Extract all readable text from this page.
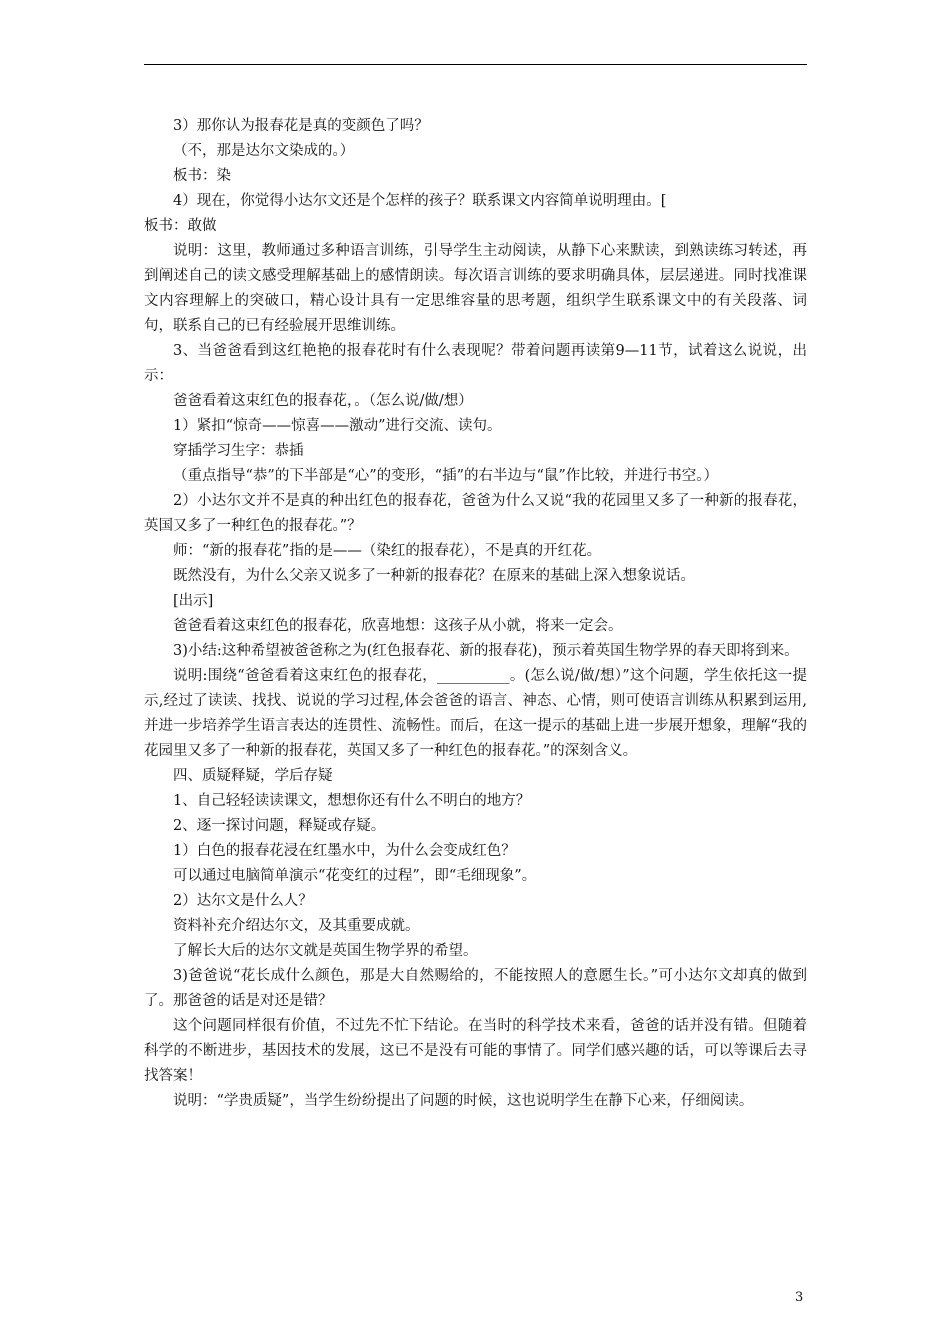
3）那你认为报春花是真的变颜色了吗？

（不，那是达尔文染成的。）

板书：染

4）现在，你觉得小达尔文还是个怎样的孩子？联系课文内容简单说明理由。[

板书：敢做

说明：这里，教师通过多种语言训练，引导学生主动阅读，从静下心来默读，到熟读练习转述，再到阐述自己的读文感受理解基础上的感情朗读。每次语言训练的要求明确具体，层层递进。同时找准课文内容理解上的突破口，精心设计具有一定思维容量的思考题，组织学生联系课文中的有关段落、词句，联系自己的已有经验展开思维训练。

3、当爸爸看到这红艳艳的报春花时有什么表现呢？带着问题再读第9—11节，试着这么说说，出示：

爸爸看着这束红色的报春花，。（怎么说/做/想）

1）紧扣“惊奇——惊喜——激动”进行交流、读句。

穿插学习生字：恭插

（重点指导“恭”的下半部是“心”的变形，“插”的右半边与“鼠”作比较，并进行书空。）

2）小达尔文并不是真的种出红色的报春花，爸爸为什么又说“我的花园里又多了一种新的报春花，英国又多了一种红色的报春花。”？

师：“新的报春花”指的是——（染红的报春花），不是真的开红花。

既然没有，为什么父亲又说多了一种新的报春花？在原来的基础上深入想象说话。

[出示]

爸爸看着这束红色的报春花，欣喜地想：这孩子从小就，将来一定会。

3)小结:这种希望被爸爸称之为(红色报春花、新的报春花)，预示着英国生物学界的春天即将到来。

说明:围绕“爸爸看着这束红色的报春花，__________。(怎么说/做/想）”这个问题，学生依托这一提示,经过了读读、找找、说说的学习过程,体会爸爸的语言、神态、心情，则可使语言训练从积累到运用,并进一步培养学生语言表达的连贯性、流畅性。而后，在这一提示的基础上进一步展开想象，理解“我的花园里又多了一种新的报春花，英国又多了一种红色的报春花。”的深刻含义。

四、质疑释疑，学后存疑

1、自己轻轻读读课文，想想你还有什么不明白的地方？

2、逐一探讨问题，释疑或存疑。

1）白色的报春花浸在红墨水中，为什么会变成红色？

可以通过电脑简单演示“花变红的过程”，即“毛细现象”。

2）达尔文是什么人？

资料补充介绍达尔文，及其重要成就。

了解长大后的达尔文就是英国生物学界的希望。

3)爸爸说“花长成什么颜色，那是大自然赐给的，不能按照人的意愿生长。”可小达尔文却真的做到了。那爸爸的话是对还是错？

这个问题同样很有价值，不过先不忙下结论。在当时的科学技术来看，爸爸的话并没有错。但随着科学的不断进步，基因技术的发展，这已不是没有可能的事情了。同学们感兴趣的话，可以等课后去寻找答案！

说明：“学贵质疑”，当学生纷纷提出了问题的时候，这也说明学生在静下心来，仔细阅读。

3
